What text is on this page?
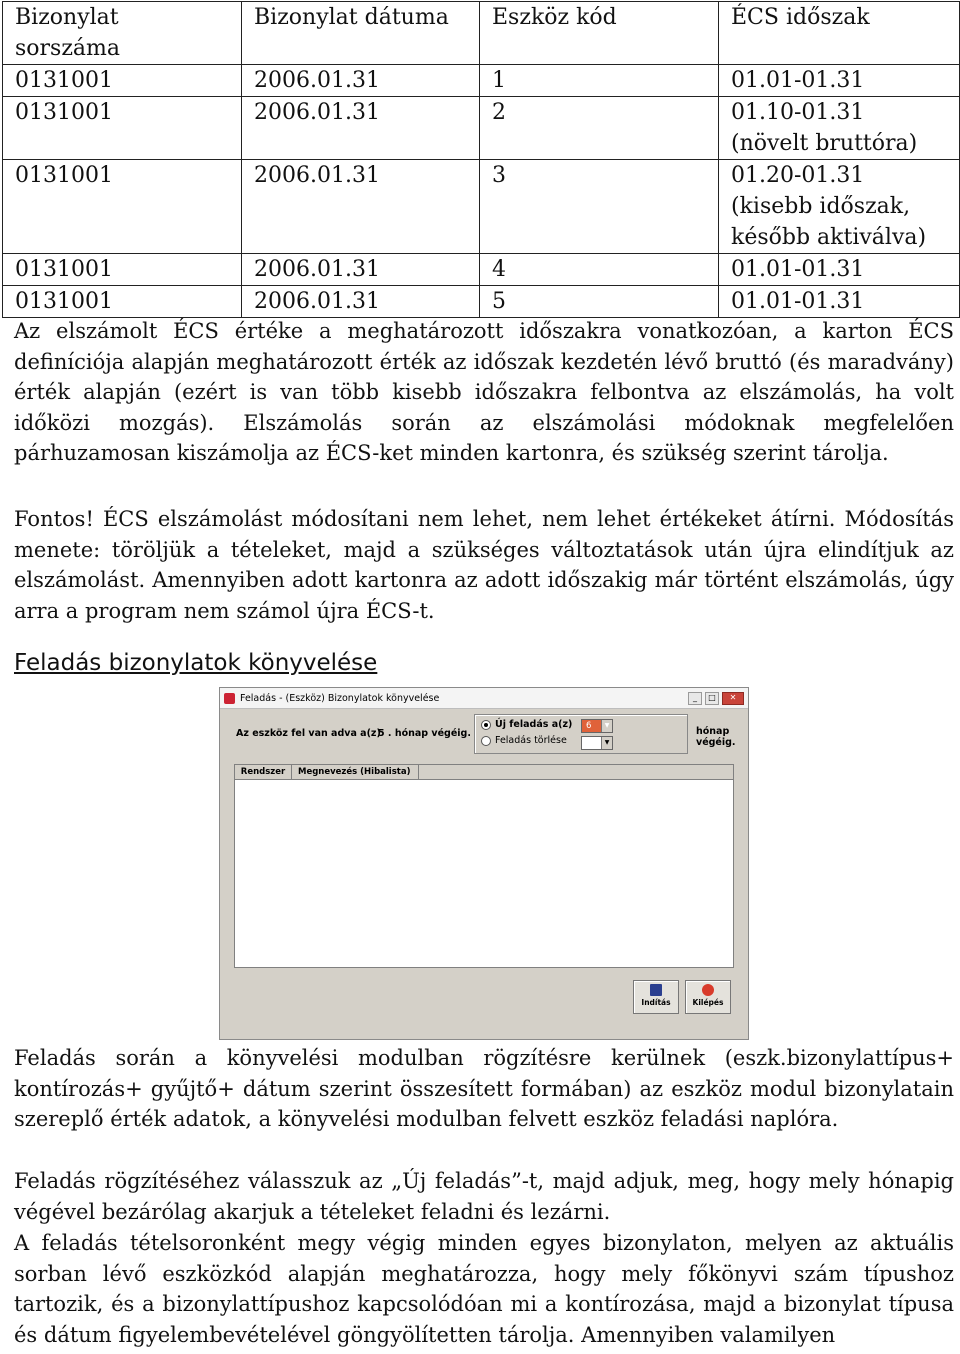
Bizonylat sorszáma	Bizonylat dátuma	Eszköz kód	ÉCS időszak
0131001	2006.01.31	1	01.01-01.31
0131001	2006.01.31	2	01.10-01.31
(növelt bruttóra)
0131001	2006.01.31	3	01.20-01.31
(kisebb időszak,
később aktiválva)
0131001	2006.01.31	4	01.01-01.31
0131001	2006.01.31	5	01.01-01.31

Az elszámolt ÉCS értéke a meghatározott időszakra vonatkozóan, a karton ÉCS definíciója alapján meghatározott érték az időszak kezdetén lévő bruttó (és maradvány) érték alapján (ezért is van több kisebb időszakra felbontva az elszámolás, ha volt időközi mozgás). Elszámolás során az elszámolási módoknak megfelelően párhuzamosan kiszámolja az ÉCS-ket minden kartonra, és szükség szerint tárolja.

Fontos! ÉCS elszámolást módosítani nem lehet, nem lehet értékeket átírni. Módosítás menete: töröljük a tételeket, majd a szükséges változtatások után újra elindítjuk az elszámolást. Amennyiben adott kartonra az adott időszakig már történt elszámolás, úgy arra a program nem számol újra ÉCS-t.

Feladás bizonylatok könyvelése
Feladás - (Eszköz) Bizonylatok könyvelése	_	□	✕
Az eszköz fel van adva a(z)
5 . hónap végéig.
Új feladás a(z)
Feladás törlése
6	▼
▼
hónap végéig.
Rendszer	Megnevezés (Hibalista)
Indítás	Kilépés

Feladás során a könyvelési modulban rögzítésre kerülnek (eszk.bizonylattípus+ kontírozás+ gyűjtő+ dátum szerint összesített formában) az eszköz modul bizonylatain szereplő érték adatok, a könyvelési modulban felvett eszköz feladási naplóra.

Feladás rögzítéséhez válasszuk az „Új feladás”-t, majd adjuk, meg, hogy mely hónapig végével bezárólag akarjuk a tételeket feladni és lezárni.

A feladás tételsoronként megy végig minden egyes bizonylaton, melyen az aktuális sorban lévő eszközkód alapján meghatározza, hogy mely főkönyvi szám típushoz tartozik, és a bizonylattípushoz kapcsolódóan mi a kontírozása, majd a bizonylat típusa és dátum figyelembevételével göngyölítetten tárolja. Amennyiben valamilyen
